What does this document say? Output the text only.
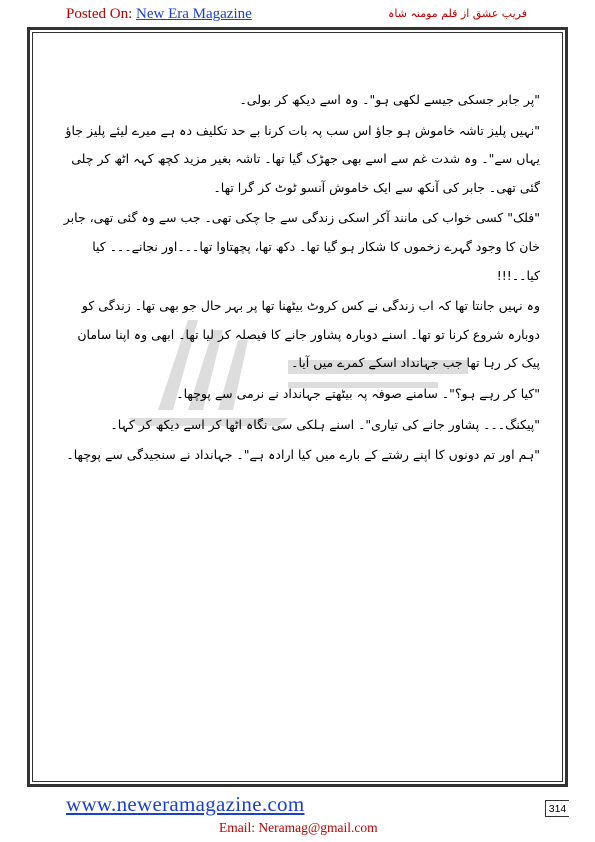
Posted On: New Era Magazine	فریب عشق از قلم مومنہ شاہ

"پر جابر جسکی جیسے لکھی ہو"۔ وہ اسے دیکھ کر بولی۔

"نہیں پلیز تاشہ خاموش ہو جاؤ اس سب پہ بات کرنا بے حد تکلیف دہ ہے میرے لیئے پلیز جاؤ یہاں سے"۔ وہ شدت غم سے اسے بھی جھڑک گیا تھا۔ تاشہ بغیر مزید کچھ کہہ اٹھ کر چلی گئی تھی۔ جابر کی آنکھ سے ایک خاموش آنسو ٹوٹ کر گرا تھا۔

"فلک" کسی خواب کی مانند آکر اسکی زندگی سے جا چکی تھی۔ جب سے وہ گئی تھی، جابر خان کا وجود گہرے زخموں کا شکار ہو گیا تھا۔ دکھ تھا، پچھتاوا تھا۔۔۔اور نجانے۔۔۔ کیا کیا۔۔!!!

وہ نہیں جانتا تھا کہ اب زندگی نے کس کروٹ بیٹھنا تھا پر بہر حال جو بھی تھا۔ زندگی کو دوبارہ شروع کرنا تو تھا۔ اسنے دوبارہ پشاور جانے کا فیصلہ کر لیا تھا۔ ابھی وہ اپنا سامان پیک کر رہا تھا جب جہانداد اسکے کمرے میں آیا۔

"کیا کر رہے ہو؟"۔ سامنے صوفہ پہ بیٹھتے جہانداد نے نرمی سے پوچھا۔

"پیکنگ۔۔۔ پشاور جانے کی تیاری"۔ اسنے ہلکی سی نگاہ اٹھا کر اسے دیکھ کر کہا۔

"ہم اور تم دونوں کا اپنے رشتے کے بارے میں کیا ارادہ ہے"۔ جہانداد نے سنجیدگی سے پوچھا۔

www.neweramagazine.com	314
Email: Neramag@gmail.com
